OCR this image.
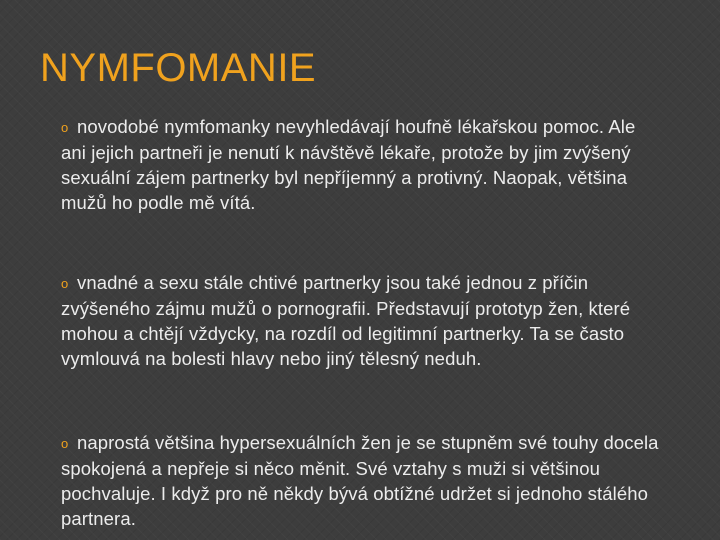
NYMFOMANIE

o novodobé nymfomanky nevyhledávají houfně lékařskou pomoc. Ale ani jejich partneři je nenutí k návštěvě lékaře, protože by jim zvýšený sexuální zájem partnerky byl nepříjemný a protivný. Naopak, většina mužů ho podle mě vítá.

o vnadné a sexu stále chtivé partnerky jsou také jednou z příčin zvýšeného zájmu mužů o pornografii. Představují prototyp žen, které mohou a chtějí vždycky, na rozdíl od legitimní partnerky. Ta se často vymlouvá na bolesti hlavy nebo jiný tělesný neduh.

o naprostá většina hypersexuálních žen je se stupněm své touhy docela spokojená a nepřeje si něco měnit. Své vztahy s muži si většinou pochvaluje. I když pro ně někdy bývá obtížné udržet si jednoho stálého partnera.
